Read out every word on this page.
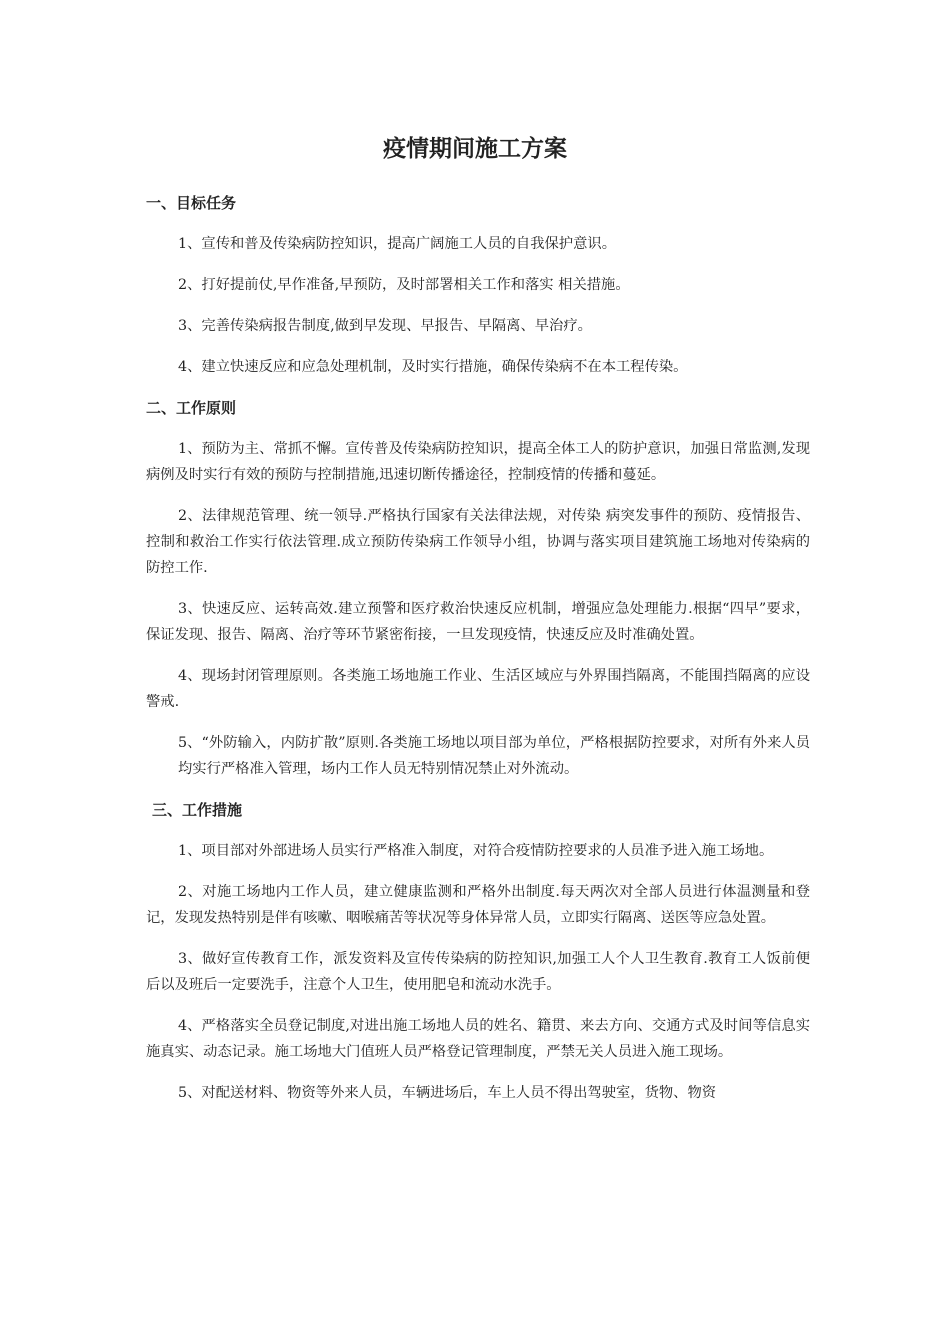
疫情期间施工方案

一、目标任务

1、宣传和普及传染病防控知识，提高广阔施工人员的自我保护意识。

2、打好提前仗,早作准备,早预防，及时部署相关工作和落实 相关措施。

3、完善传染病报告制度,做到早发现、早报告、早隔离、早治疗。

4、建立快速反应和应急处理机制，及时实行措施，确保传染病不在本工程传染。

二、工作原则

1、预防为主、常抓不懈。宣传普及传染病防控知识，提高全体工人的防护意识，加强日常监测,发现病例及时实行有效的预防与控制措施,迅速切断传播途径，控制疫情的传播和蔓延。

2、法律规范管理、统一领导.严格执行国家有关法律法规，对传染 病突发事件的预防、疫情报告、控制和救治工作实行依法管理.成立预防传染病工作领导小组，协调与落实项目建筑施工场地对传染病的 防控工作.

3、快速反应、运转高效.建立预警和医疗救治快速反应机制，增强应急处理能力.根据“四早”要求，保证发现、报告、隔离、治疗等环节紧密衔接，一旦发现疫情，快速反应及时准确处置。

4、现场封闭管理原则。各类施工场地施工作业、生活区域应与外界围挡隔离，不能围挡隔离的应设警戒.

5、“外防输入，内防扩散”原则.各类施工场地以项目部为单位，严格根据防控要求，对所有外来人员均实行严格准入管理，场内工作人员无特别情况禁止对外流动。

三、工作措施

1、项目部对外部进场人员实行严格准入制度，对符合疫情防控要求的人员准予进入施工场地。

2、对施工场地内工作人员，建立健康监测和严格外出制度.每天两次对全部人员进行体温测量和登记，发现发热特别是伴有咳嗽、咽喉痛苦等状况等身体异常人员，立即实行隔离、送医等应急处置。

3、做好宣传教育工作，派发资料及宣传传染病的防控知识,加强工人个人卫生教育.教育工人饭前便后以及班后一定要洗手，注意个人卫生，使用肥皂和流动水洗手。

4、严格落实全员登记制度,对进出施工场地人员的姓名、籍贯、来去方向、交通方式及时间等信息实施真实、动态记录。施工场地大门值班人员严格登记管理制度，严禁无关人员进入施工现场。

5、对配送材料、物资等外来人员，车辆进场后，车上人员不得出驾驶室，货物、物资
